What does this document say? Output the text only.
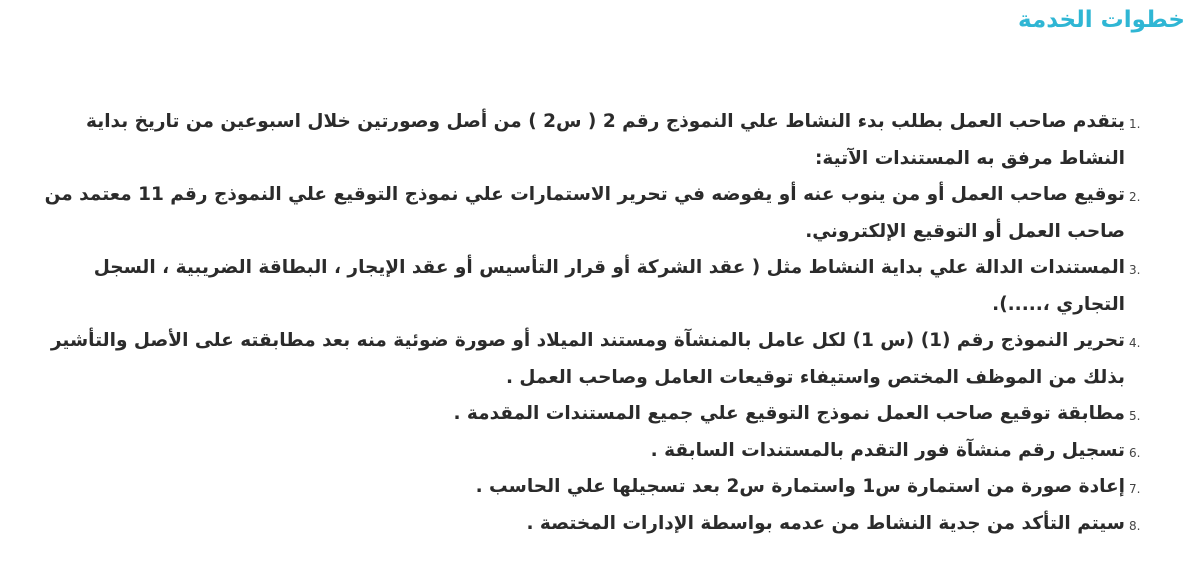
خطوات الخدمة
1.
يتقدم صاحب العمل بطلب بدء النشاط علي النموذج رقم 2 ( س2 ) من أصل وصورتين خلال اسبوعين من تاريخ بداية النشاط مرفق به المستندات الآتية:
2.
توقيع صاحب العمل أو من ينوب عنه أو يفوضه في تحرير الاستمارات علي نموذج التوقيع علي النموذج رقم 11 معتمد من صاحب العمل أو التوقيع الإلكتروني.
3.
المستندات الدالة علي بداية النشاط مثل ( عقد الشركة أو قرار التأسيس أو عقد الإيجار ، البطاقة الضريبية ، السجل التجاري ،.....).
4.
تحرير النموذج رقم (1) (س 1) لكل عامل بالمنشآة ومستند الميلاد أو صورة ضوئية منه بعد مطابقته على الأصل والتأشير بذلك من الموظف المختص واستيفاء توقيعات العامل وصاحب العمل .
5.
مطابقة توقيع صاحب العمل نموذج التوقيع علي جميع المستندات المقدمة .
6.
تسجيل رقم منشآة فور التقدم بالمستندات السابقة .
7.
إعادة صورة من استمارة س1 واستمارة س2 بعد تسجيلها علي الحاسب .
8.
سيتم التأكد من جدية النشاط من عدمه بواسطة الإدارات المختصة .
